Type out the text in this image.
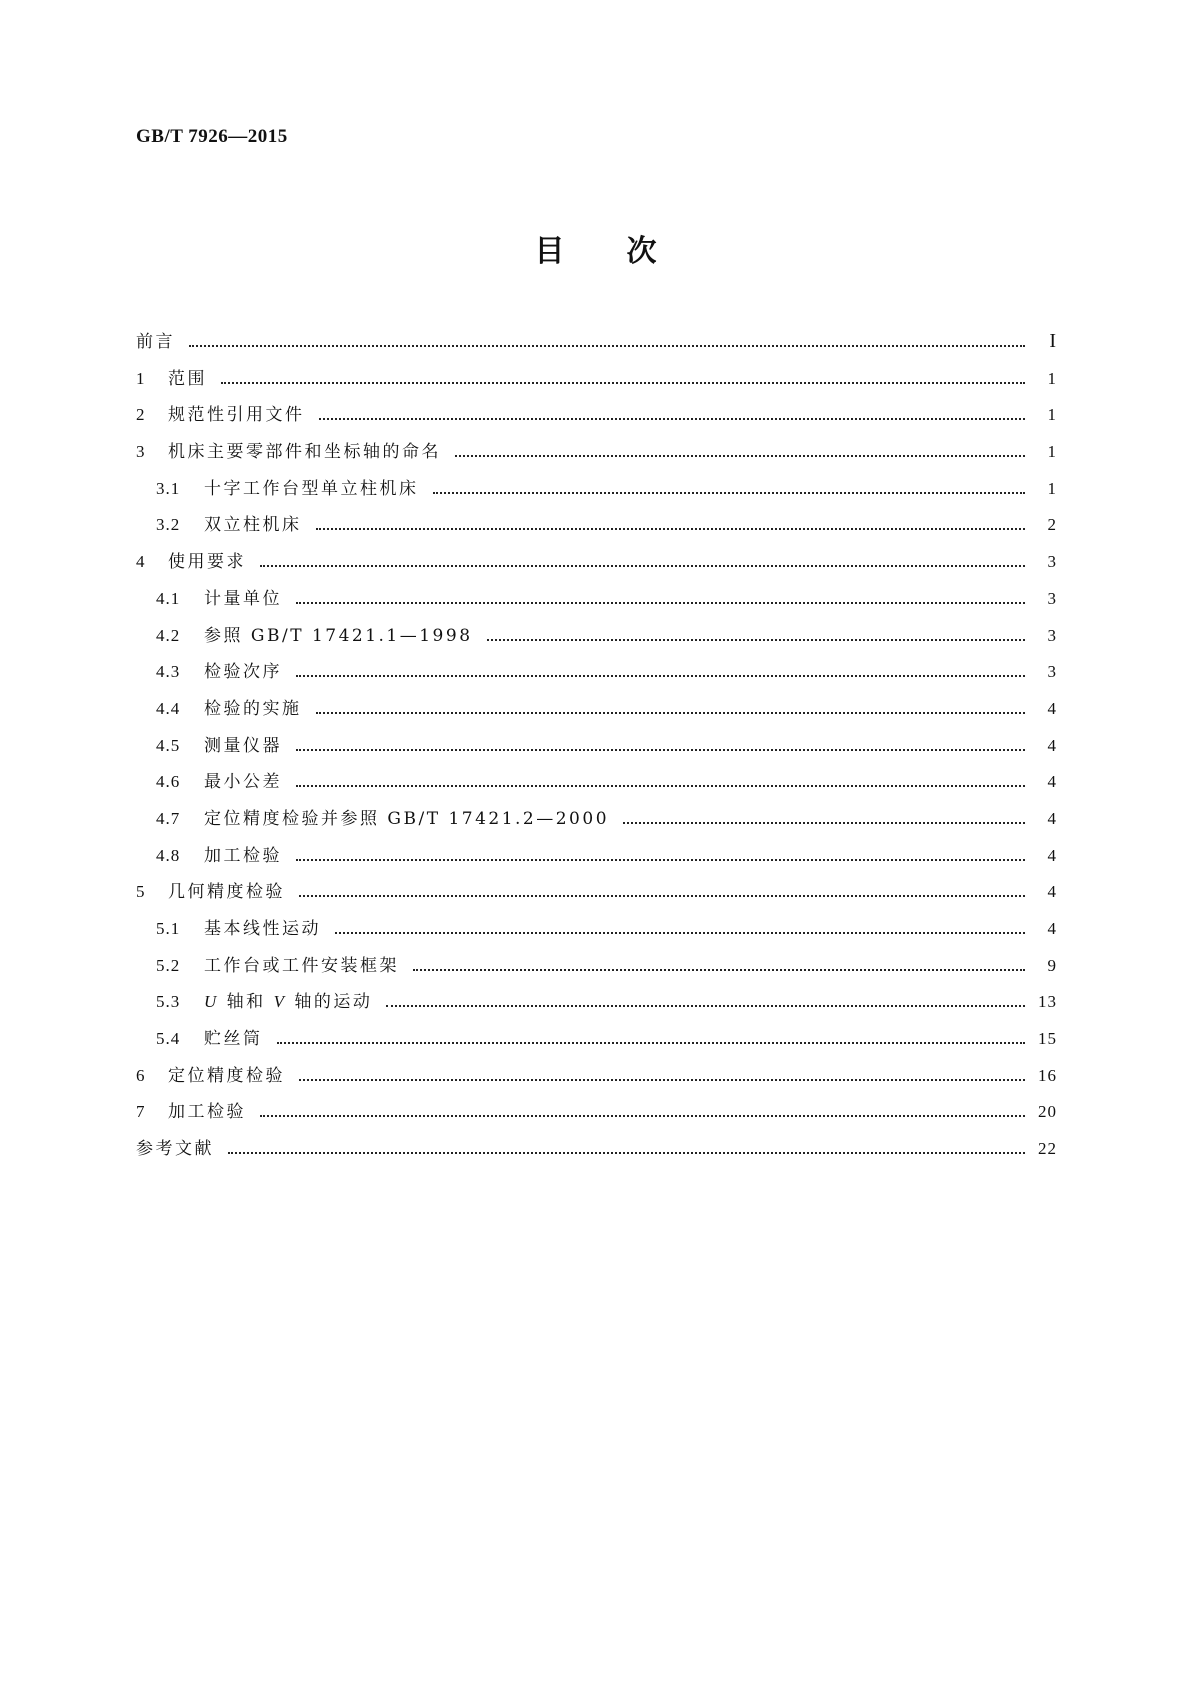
GB/T 7926—2015
目次
前言	I
1	范围	1
2	规范性引用文件	1
3	机床主要零部件和坐标轴的命名	1
3.1	十字工作台型单立柱机床	1
3.2	双立柱机床	2
4	使用要求	3
4.1	计量单位	3
4.2	参照 GB/T 17421.1—1998	3
4.3	检验次序	3
4.4	检验的实施	4
4.5	测量仪器	4
4.6	最小公差	4
4.7	定位精度检验并参照 GB/T 17421.2—2000	4
4.8	加工检验	4
5	几何精度检验	4
5.1	基本线性运动	4
5.2	工作台或工件安装框架	9
5.3	U 轴和 V 轴的运动	13
5.4	贮丝筒	15
6	定位精度检验	16
7	加工检验	20
参考文献	22
